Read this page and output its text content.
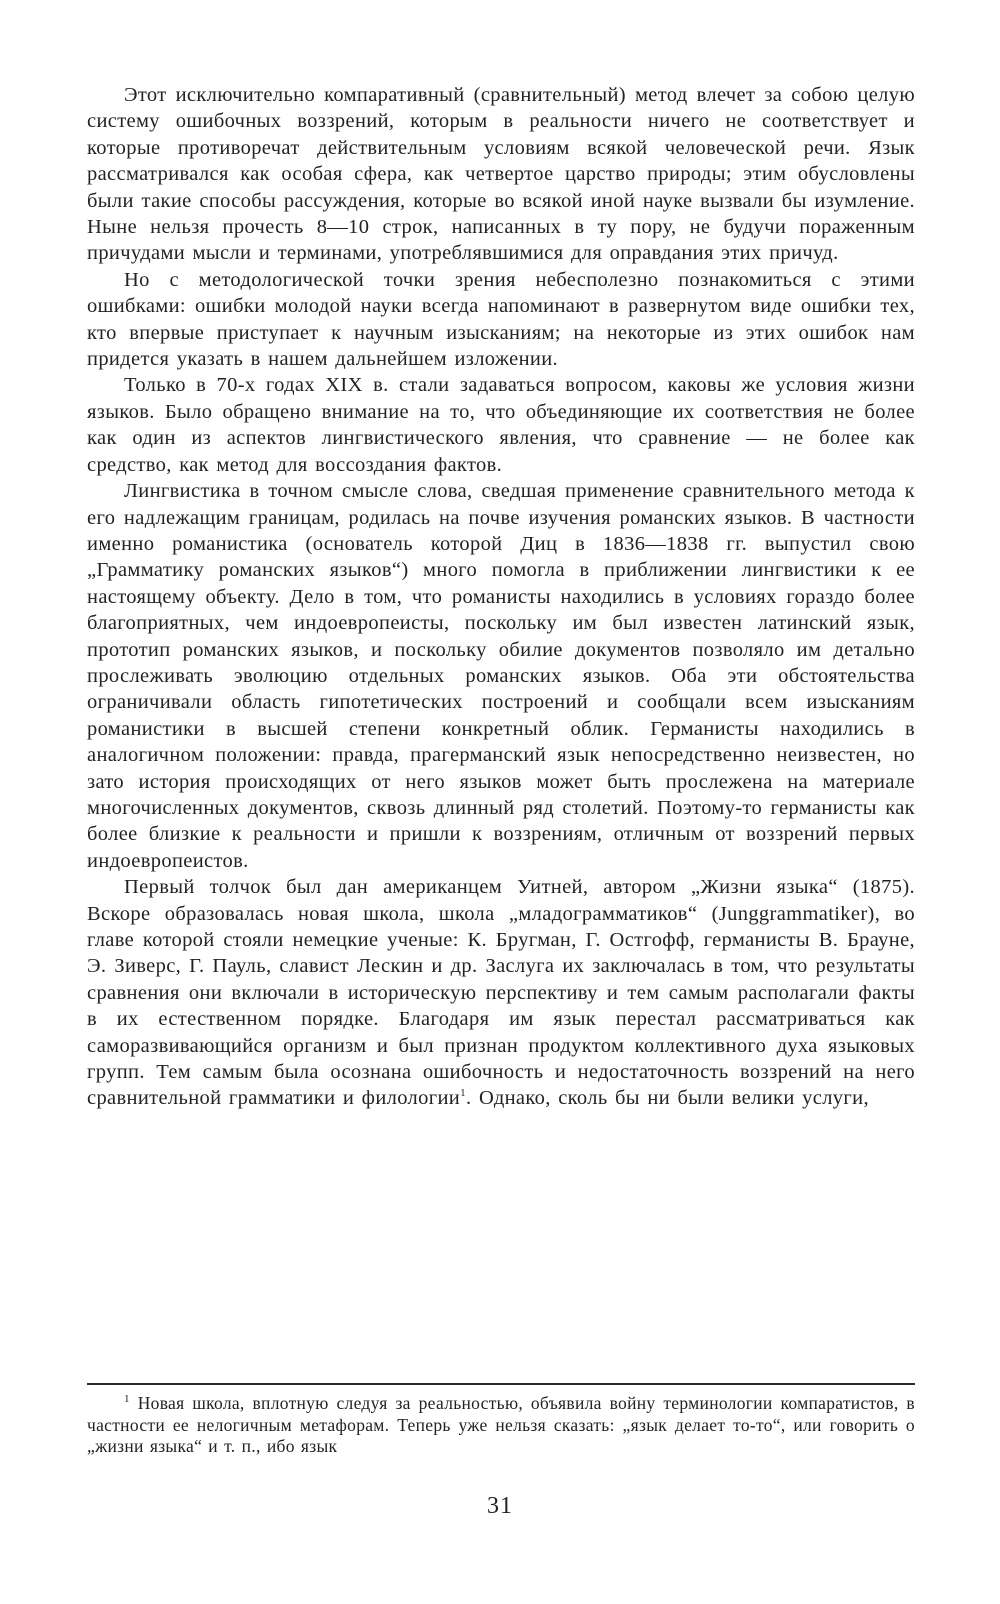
Этот исключительно компаративный (сравнительный) метод влечет за собою целую систему ошибочных воззрений, которым в реальности ничего не соответствует и которые противоречат действительным условиям всякой человеческой речи. Язык рассматривался как особая сфера, как четвертое царство природы; этим обусловлены были такие способы рассуждения, которые во всякой иной науке вызвали бы изумление. Ныне нельзя прочесть 8—10 строк, написанных в ту пору, не будучи пораженным причудами мысли и терминами, употреблявшимися для оправдания этих причуд.

Но с методологической точки зрения небесполезно познакомиться с этими ошибками: ошибки молодой науки всегда напоминают в развернутом виде ошибки тех, кто впервые приступает к научным изысканиям; на некоторые из этих ошибок нам придется указать в нашем дальнейшем изложении.

Только в 70-х годах XIX в. стали задаваться вопросом, каковы же условия жизни языков. Было обращено внимание на то, что объединяющие их соответствия не более как один из аспектов лингвистического явления, что сравнение — не более как средство, как метод для воссоздания фактов.

Лингвистика в точном смысле слова, сведшая применение сравнительного метода к его надлежащим границам, родилась на почве изучения романских языков. В частности именно романистика (основатель которой Диц в 1836—1838 гг. выпустил свою „Грамматику романских языков“) много помогла в приближении лингвистики к ее настоящему объекту. Дело в том, что романисты находились в условиях гораздо более благоприятных, чем индоевропеисты, поскольку им был известен латинский язык, прототип романских языков, и поскольку обилие документов позволяло им детально прослеживать эволюцию отдельных романских языков. Оба эти обстоятельства ограничивали область гипотетических построений и сообщали всем изысканиям романистики в высшей степени конкретный облик. Германисты находились в аналогичном положении: правда, прагерманский язык непосредственно неизвестен, но зато история происходящих от него языков может быть прослежена на материале многочисленных документов, сквозь длинный ряд столетий. Поэтому-то германисты как более близкие к реальности и пришли к воззрениям, отличным от воззрений первых индоевропеистов.

Первый толчок был дан американцем Уитней, автором „Жизни языка“ (1875). Вскоре образовалась новая школа, школа „младограмматиков“ (Junggrammatiker), во главе которой стояли немецкие ученые: К. Бругман, Г. Остгофф, германисты В. Брауне, Э. Зиверс, Г. Пауль, славист Лескин и др. Заслуга их заключалась в том, что результаты сравнения они включали в историческую перспективу и тем самым располагали факты в их естественном порядке. Благодаря им язык перестал рассматриваться как саморазвивающийся организм и был признан продуктом коллективного духа языковых групп. Тем самым была осознана ошибочность и недостаточность воззрений на него сравнительной грамматики и филологии$^1$. Однако, сколь бы ни были велики услуги,

$^1$ Новая школа, вплотную следуя за реальностью, объявила войну терминологии компаратистов, в частности ее нелогичным метафорам. Теперь уже нельзя сказать: „язык делает то-то“, или говорить о „жизни языка“ и т. п., ибо язык

31
